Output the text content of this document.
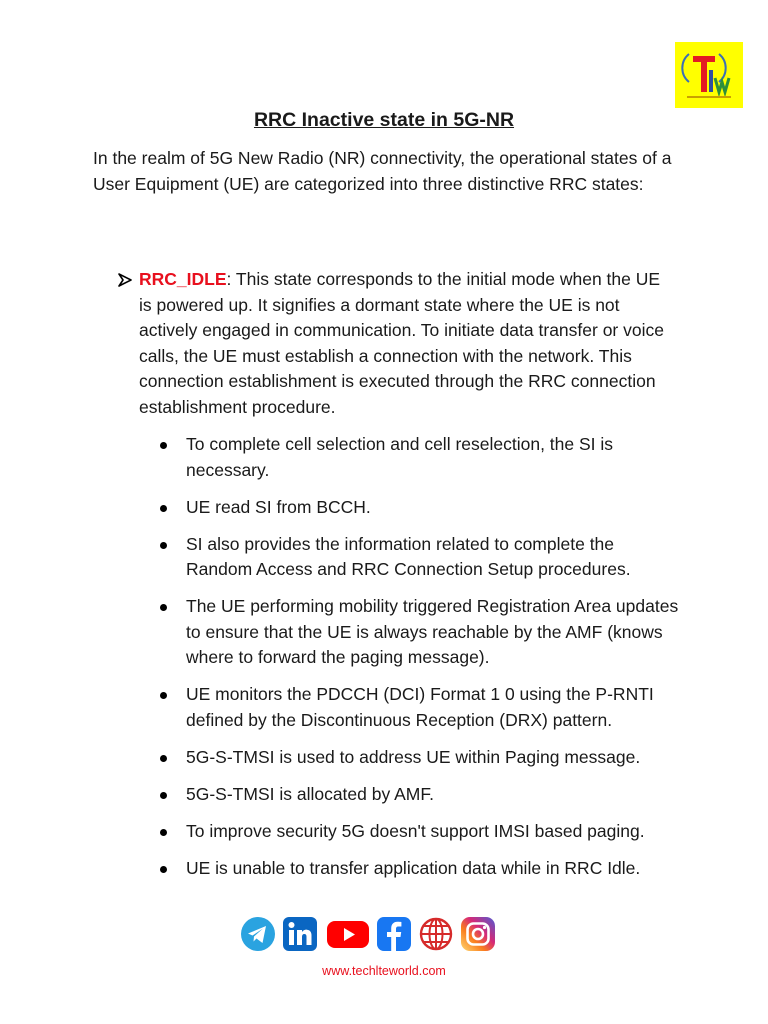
RRC Inactive state in 5G-NR

In the realm of 5G New Radio (NR) connectivity, the operational states of a User Equipment (UE) are categorized into three distinctive RRC states:

RRC_IDLE: This state corresponds to the initial mode when the UE is powered up. It signifies a dormant state where the UE is not actively engaged in communication. To initiate data transfer or voice calls, the UE must establish a connection with the network. This connection establishment is executed through the RRC connection establishment procedure.
To complete cell selection and cell reselection, the SI is necessary.
UE read SI from BCCH.
SI also provides the information related to complete the Random Access and RRC Connection Setup procedures.
The UE performing mobility triggered Registration Area updates to ensure that the UE is always reachable by the AMF (knows where to forward the paging message).
UE monitors the PDCCH (DCI) Format 1 0 using the P-RNTI defined by the Discontinuous Reception (DRX) pattern.
5G-S-TMSI is used to address UE within Paging message.
5G-S-TMSI is allocated by AMF.
To improve security 5G doesn't support IMSI based paging.
UE is unable to transfer application data while in RRC Idle.
www.techlteworld.com
